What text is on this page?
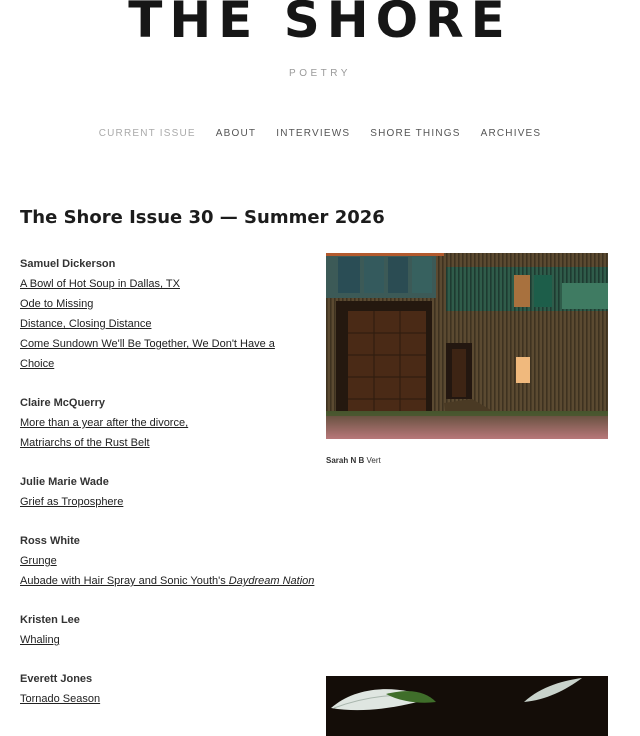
THE SHORE
POETRY
CURRENT ISSUE ABOUT INTERVIEWS SHORE THINGS ARCHIVES
The Shore Issue 30 — Summer 2026
Samuel Dickerson
A Bowl of Hot Soup in Dallas, TX
Ode to Missing
Distance, Closing Distance
Come Sundown We'll Be Together, We Don't Have a Choice
Claire McQuerry
More than a year after the divorce,
Matriarchs of the Rust Belt
Julie Marie Wade
Grief as Troposphere
Ross White
Grunge
Aubade with Hair Spray and Sonic Youth's Daydream Nation
Kristen Lee
Whaling
Everett Jones
Tornado Season
Sarah N B Vert
